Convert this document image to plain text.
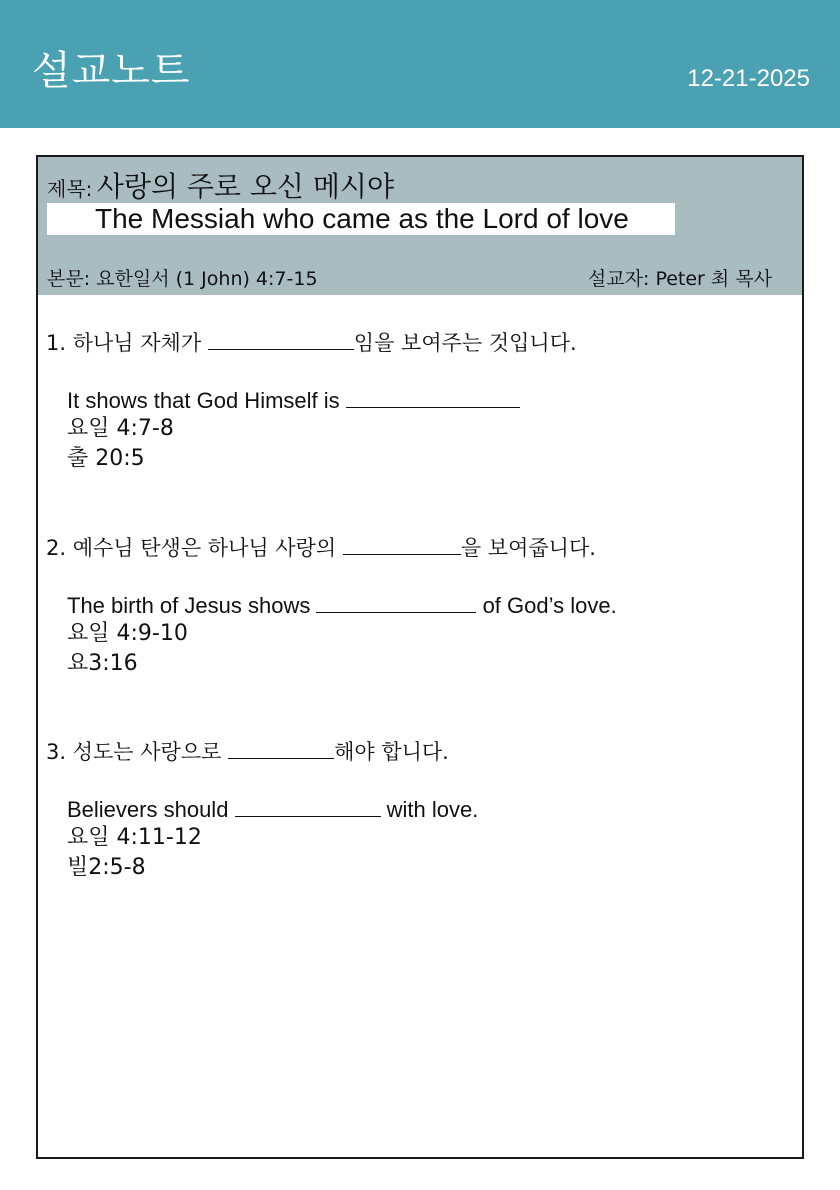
설교노트	12-21-2025
제목: 사랑의 주로 오신 메시야
The Messiah who came as the Lord of love
본문: 요한일서 (1 John) 4:7-15	설교자: Peter 최 목사
1. 하나님 자체가	임을 보여주는 것입니다.
It shows that God Himself is
요일 4:7-8
출 20:5
2. 예수님 탄생은 하나님 사랑의	을 보여줍니다.
The birth of Jesus shows	of God’s love.
요일 4:9-10
요3:16
3. 성도는 사랑으로	해야 합니다.
Believers should	with love.
요일 4:11-12
빌2:5-8
